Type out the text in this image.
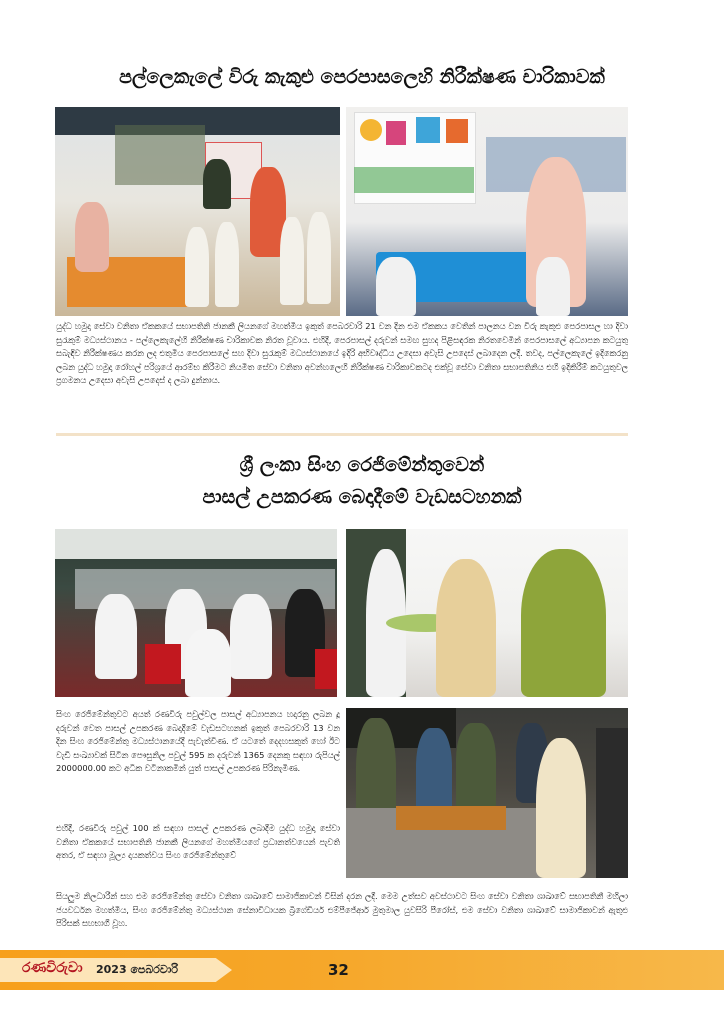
පල්ලෙකැලේ විරු කැකුළු පෙරපාසලෙහි නිරීක්ෂණ චාරිකාවක්
යුද්ධ හමුදා සේවා වනිතා ඒකකයේ සභාපතිනි ජානකී ලියනගේ මහත්මිය ඉකුත් පෙබරවාරි 21 වන දින එම ඒකකය වෙතින් පාලනය වන විරු කැකුළු පෙරපාසල හා දිවා සුරැකුම් මධ්‍යස්ථානය - පල්ලෙකැලේහි නිරීක්ෂණ චාරිකාවක නිරත වූවාය. එහිදී, පෙරපාසල් දරුවන් සමඟ සුහද පිළිසඳරක නිරතවෙමින් පෙරපාසලේ අධ්‍යාපන කටයුතු සබැඳිව නිරීක්ෂණය කරන ලද එතුමිය පෙරපාසලේ සහ දිවා සුරැකුම් මධ්‍යස්ථානයේ ඉදිරි අභිවෘද්ධිය උදෙසා අවැසි උපදෙස් ලබාදෙන ලදී. තවද, පල්ලෙකැලේ ඉදිකෙරනු ලබන යුද්ධ හමුදා රෝහල් පරිශ්‍රයේ ආරම්භ කිරීමට නියමිත සේවා වනිතා අවන්හලෙහි නිරීක්ෂණ චාරිකාවකටද එක්වූ සේවා වනිතා සභාපතිනිය එහි ඉදිකිරීම් කටයුතුවල ප්‍රගමනය උදෙසා අවැසි උපදෙස් ද ලබා දුන්නාය.
ශ්‍රී ලංකා සිංහ රෙජිමේන්තුවෙන්
පාසල් උපකරණ බෙදාදීමේ වැඩසටහනක්
සිංහ රෙජිමේන්තුවට අයත් රණවිරු පවුල්වල පාසල් අධ්‍යාපනය හදාරනු ලබන දූ දරුවන් වෙත පාසල් උපකරණ බෙදාදීමේ වැඩසටහනක් ඉකුත් පෙබරවාරි 13 වන දින සිංහ රෙජිමේන්තු මධ්‍යස්ථානයේදී පැවැත්විණ. ඒ යටතේ දෙදහසකුත් හෝ ඊට වැඩි සංඛ්‍යාවක් සිටින පෞසුනිල පවුල් 595 ක දරුවන් 1365 දෙනකු සඳහා රුපියල් 2000000.00 කට අධික වටිනාකමින් යුත් පාසල් උපකරණ පිරිනැමිණ.
එහිදී, රණවිරු පවුල් 100 ක් සඳහා පාසල් උපකරණ ලබාදීම යුද්ධ හමුදා සේවා වනිතා ඒකකයේ සභාපතිනි ජානකී ලියනගේ මහත්මියගේ ප්‍රධානත්වයෙන් පැවති අතර, ඒ සඳහා මූල්‍ය දායකත්වය සිංහ රෙජිමේන්තුවේ
සියලුම නිලධාරීන් සහ එම රෙජිමේන්තු සේවා වනිතා ශාඛාවේ සාමාජිකාවන් විසින් දරන ලදී. මෙම උත්සව අවස්ථාවට සිංහ සේවා වනිතා ශාඛාවේ සභාපතිනී මහිලා ජයවර්ධන මහත්මිය, සිංහ රෙජිමේන්තු මධ්‍යස්ථාන සේනාවිධායක බ්‍රිගේඩියර් එම්පීජේආර් මුතුමාල යුවසිරි පීරෝස්, එම සේවා වනිතා ශාඛාවේ සාමාජිකාවන් ඇතුළු පිරිසක් සහභාගී වූහ.
රණවිරුවා 2023 පෙබරවාරි	32
